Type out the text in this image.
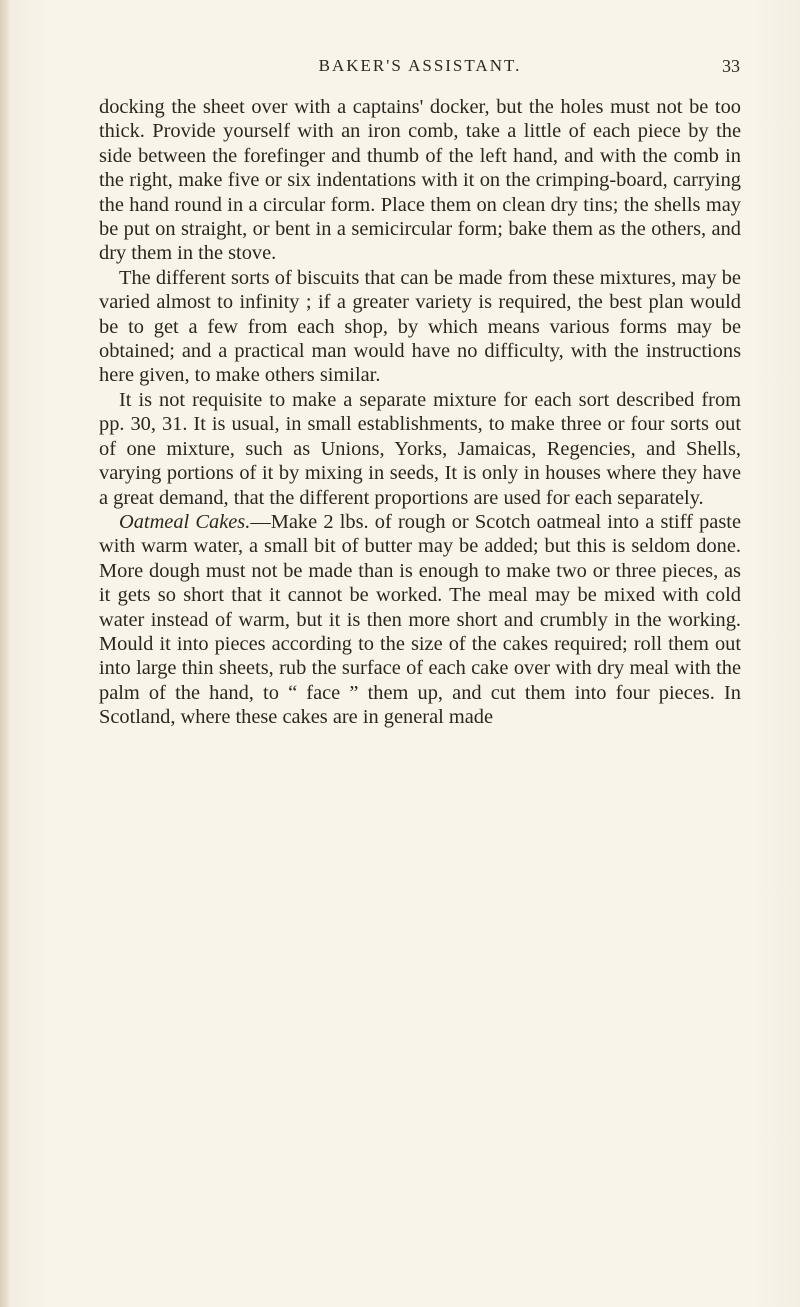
BAKER'S ASSISTANT.	33

docking the sheet over with a captains' docker, but the holes must not be too thick. Provide yourself with an iron comb, take a little of each piece by the side between the forefinger and thumb of the left hand, and with the comb in the right, make five or six indentations with it on the crimping-board, carrying the hand round in a circular form. Place them on clean dry tins; the shells may be put on straight, or bent in a semicircular form; bake them as the others, and dry them in the stove.

The different sorts of biscuits that can be made from these mixtures, may be varied almost to infinity ; if a greater variety is required, the best plan would be to get a few from each shop, by which means various forms may be obtained; and a practical man would have no difficulty, with the instructions here given, to make others similar.

It is not requisite to make a separate mixture for each sort described from pp. 30, 31. It is usual, in small establishments, to make three or four sorts out of one mixture, such as Unions, Yorks, Jamaicas, Regencies, and Shells, varying portions of it by mixing in seeds, It is only in houses where they have a great demand, that the different proportions are used for each separately.

Oatmeal Cakes.—Make 2 lbs. of rough or Scotch oatmeal into a stiff paste with warm water, a small bit of butter may be added; but this is seldom done. More dough must not be made than is enough to make two or three pieces, as it gets so short that it cannot be worked. The meal may be mixed with cold water instead of warm, but it is then more short and crumbly in the working. Mould it into pieces according to the size of the cakes required; roll them out into large thin sheets, rub the surface of each cake over with dry meal with the palm of the hand, to “ face ” them up, and cut them into four pieces. In Scotland, where these cakes are in general made
